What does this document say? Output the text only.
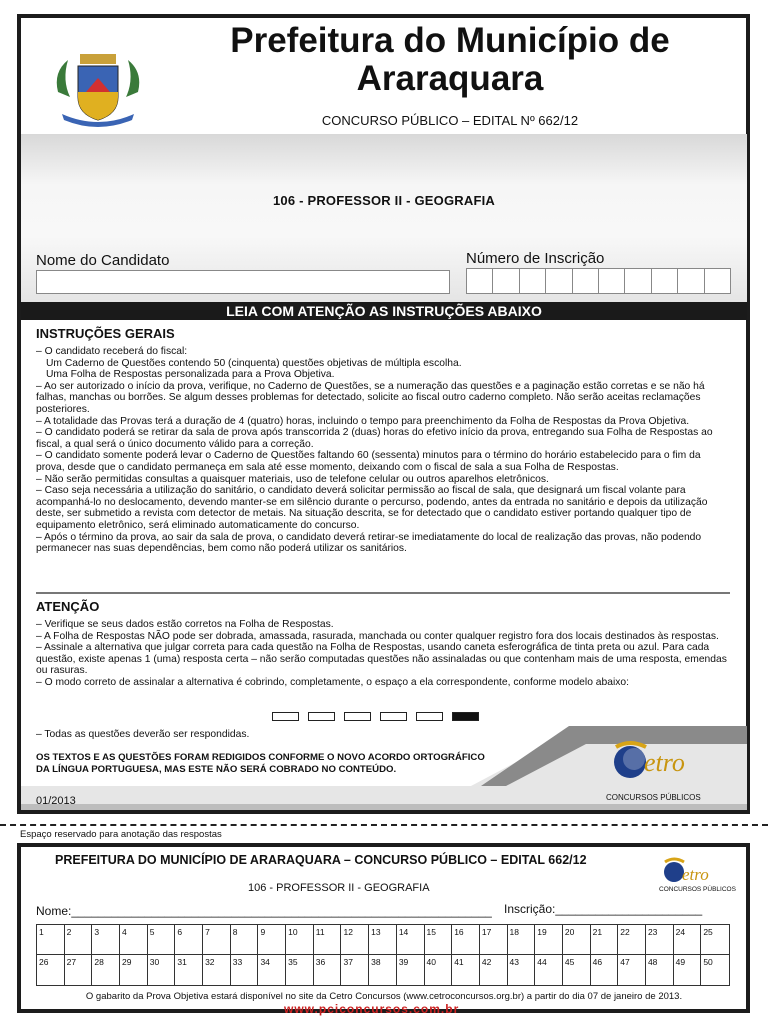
Prefeitura do Município de Araraquara
CONCURSO PÚBLICO – EDITAL Nº 662/12
106 - PROFESSOR II - GEOGRAFIA
Nome do Candidato	Número de Inscrição
LEIA COM ATENÇÃO AS INSTRUÇÕES ABAIXO
INSTRUÇÕES GERAIS

– O candidato receberá do fiscal:

Um Caderno de Questões contendo 50 (cinquenta) questões objetivas de múltipla escolha.

Uma Folha de Respostas personalizada para a Prova Objetiva.

– Ao ser autorizado o início da prova, verifique, no Caderno de Questões, se a numeração das questões e a paginação estão corretas e se não há falhas, manchas ou borrões. Se algum desses problemas for detectado, solicite ao fiscal outro caderno completo. Não serão aceitas reclamações posteriores.

– A totalidade das Provas terá a duração de 4 (quatro) horas, incluindo o tempo para preenchimento da Folha de Respostas da Prova Objetiva.

– O candidato poderá se retirar da sala de prova após transcorrida 2 (duas) horas do efetivo início da prova, entregando sua Folha de Respostas ao fiscal, a qual será o único documento válido para a correção.

– O candidato somente poderá levar o Caderno de Questões faltando 60 (sessenta) minutos para o término do horário estabelecido para o fim da prova, desde que o candidato permaneça em sala até esse momento, deixando com o fiscal de sala a sua Folha de Respostas.

– Não serão permitidas consultas a quaisquer materiais, uso de telefone celular ou outros aparelhos eletrônicos.

– Caso seja necessária a utilização do sanitário, o candidato deverá solicitar permissão ao fiscal de sala, que designará um fiscal volante para acompanhá-lo no deslocamento, devendo manter-se em silêncio durante o percurso, podendo, antes da entrada no sanitário e depois da utilização deste, ser submetido a revista com detector de metais. Na situação descrita, se for detectado que o candidato estiver portando qualquer tipo de equipamento eletrônico, será eliminado automaticamente do concurso.

– Após o término da prova, ao sair da sala de prova, o candidato deverá retirar-se imediatamente do local de realização das provas, não podendo permanecer nas suas dependências, bem como não poderá utilizar os sanitários.

ATENÇÃO

– Verifique se seus dados estão corretos na Folha de Respostas.

– A Folha de Respostas NÃO pode ser dobrada, amassada, rasurada, manchada ou conter qualquer registro fora dos locais destinados às respostas.

– Assinale a alternativa que julgar correta para cada questão na Folha de Respostas, usando caneta esferográfica de tinta preta ou azul. Para cada questão, existe apenas 1 (uma) resposta certa – não serão computadas questões não assinaladas ou que contenham mais de uma resposta, emendas ou rasuras.

– O modo correto de assinalar a alternativa é cobrindo, completamente, o espaço a ela correspondente, conforme modelo abaixo:

– Todas as questões deverão ser respondidas.
OS TEXTOS E AS QUESTÕES FORAM REDIGIDOS CONFORME O NOVO ACORDO ORTOGRÁFICO
DA LÍNGUA PORTUGUESA, MAS ESTE NÃO SERÁ COBRADO NO CONTEÚDO.
01/2013
etro
CONCURSOS PÚBLICOS
Espaço reservado para anotação das respostas
PREFEITURA DO MUNICÍPIO DE ARARAQUARA – CONCURSO PÚBLICO – EDITAL 662/12
etro
CONCURSOS PÚBLICOS
106 - PROFESSOR II - GEOGRAFIA
Nome:_______________________________________________________________ Inscrição:______________________
1	2	3	4	5	6	7	8	9	10	11	12	13	14	15	16	17	18	19	20	21	22	23	24	25
26	27	28	29	30	31	32	33	34	35	36	37	38	39	40	41	42	43	44	45	46	47	48	49	50
O gabarito da Prova Objetiva estará disponível no site da Cetro Concursos (www.cetroconcursos.org.br) a partir do dia 07 de janeiro de 2013.
www.pciconcursos.com.br
